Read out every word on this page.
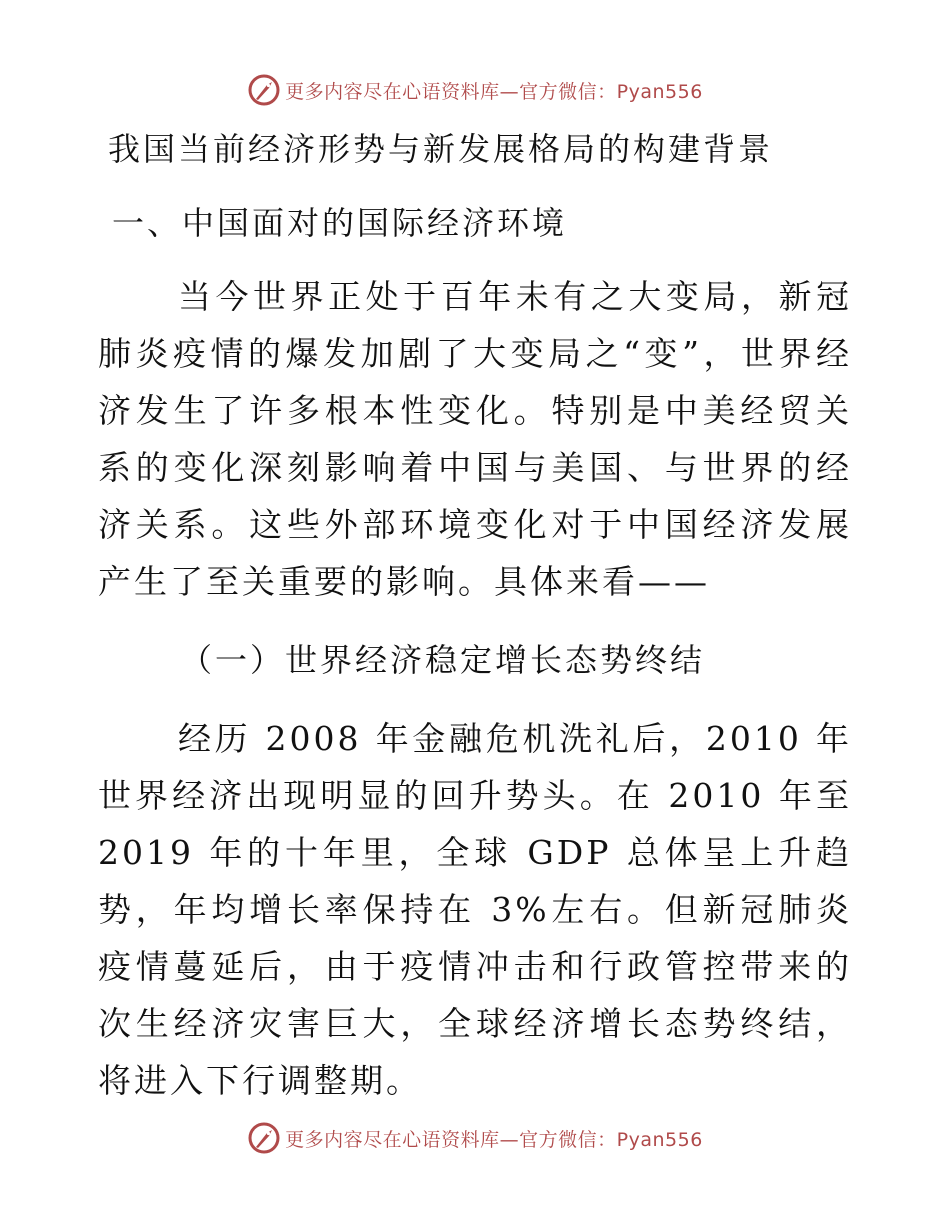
更多内容尽在心语资料库—官方微信：Pyan556
我国当前经济形势与新发展格局的构建背景
一、中国面对的国际经济环境

当今世界正处于百年未有之大变局，新冠肺炎疫情的爆发加剧了大变局之“变”，世界经济发生了许多根本性变化。特别是中美经贸关系的变化深刻影响着中国与美国、与世界的经济关系。这些外部环境变化对于中国经济发展产生了至关重要的影响。具体来看——

（一）世界经济稳定增长态势终结

经历 2008 年金融危机洗礼后，2010 年世界经济出现明显的回升势头。在 2010 年至 2019 年的十年里，全球 GDP 总体呈上升趋势，年均增长率保持在 3%左右。但新冠肺炎疫情蔓延后，由于疫情冲击和行政管控带来的次生经济灾害巨大，全球经济增长态势终结，将进入下行调整期。

更多内容尽在心语资料库—官方微信：Pyan556
